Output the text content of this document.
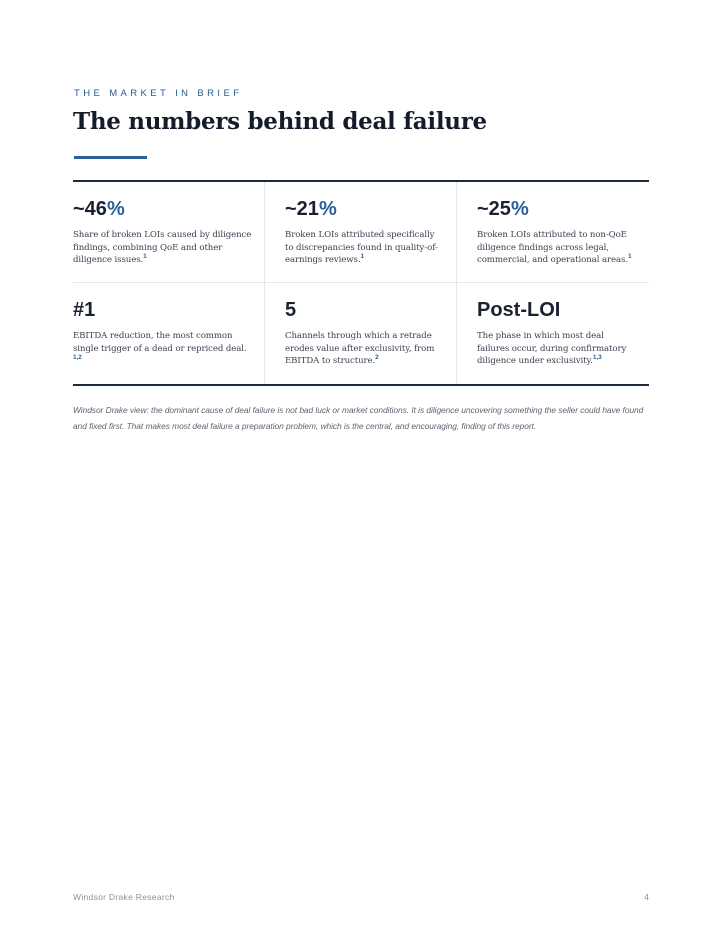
THE MARKET IN BRIEF
The numbers behind deal failure
~46%
Share of broken LOIs caused by diligence findings, combining QoE and other diligence issues.$^1$
~21%
Broken LOIs attributed specifically to discrepancies found in quality-of-earnings reviews.$^1$
~25%
Broken LOIs attributed to non-QoE diligence findings across legal, commercial, and operational areas.$^1$
#1
EBITDA reduction, the most common single trigger of a dead or repriced deal. $^{1,2}$
5
Channels through which a retrade erodes value after exclusivity, from EBITDA to structure.$^2$
Post-LOI
The phase in which most deal failures occur, during confirmatory diligence under exclusivity.$^{1,3}$

Windsor Drake view: the dominant cause of deal failure is not bad luck or market conditions. It is diligence uncovering something the seller could have found and fixed first. That makes most deal failure a preparation problem, which is the central, and encouraging, finding of this report.

Windsor Drake Research	4
